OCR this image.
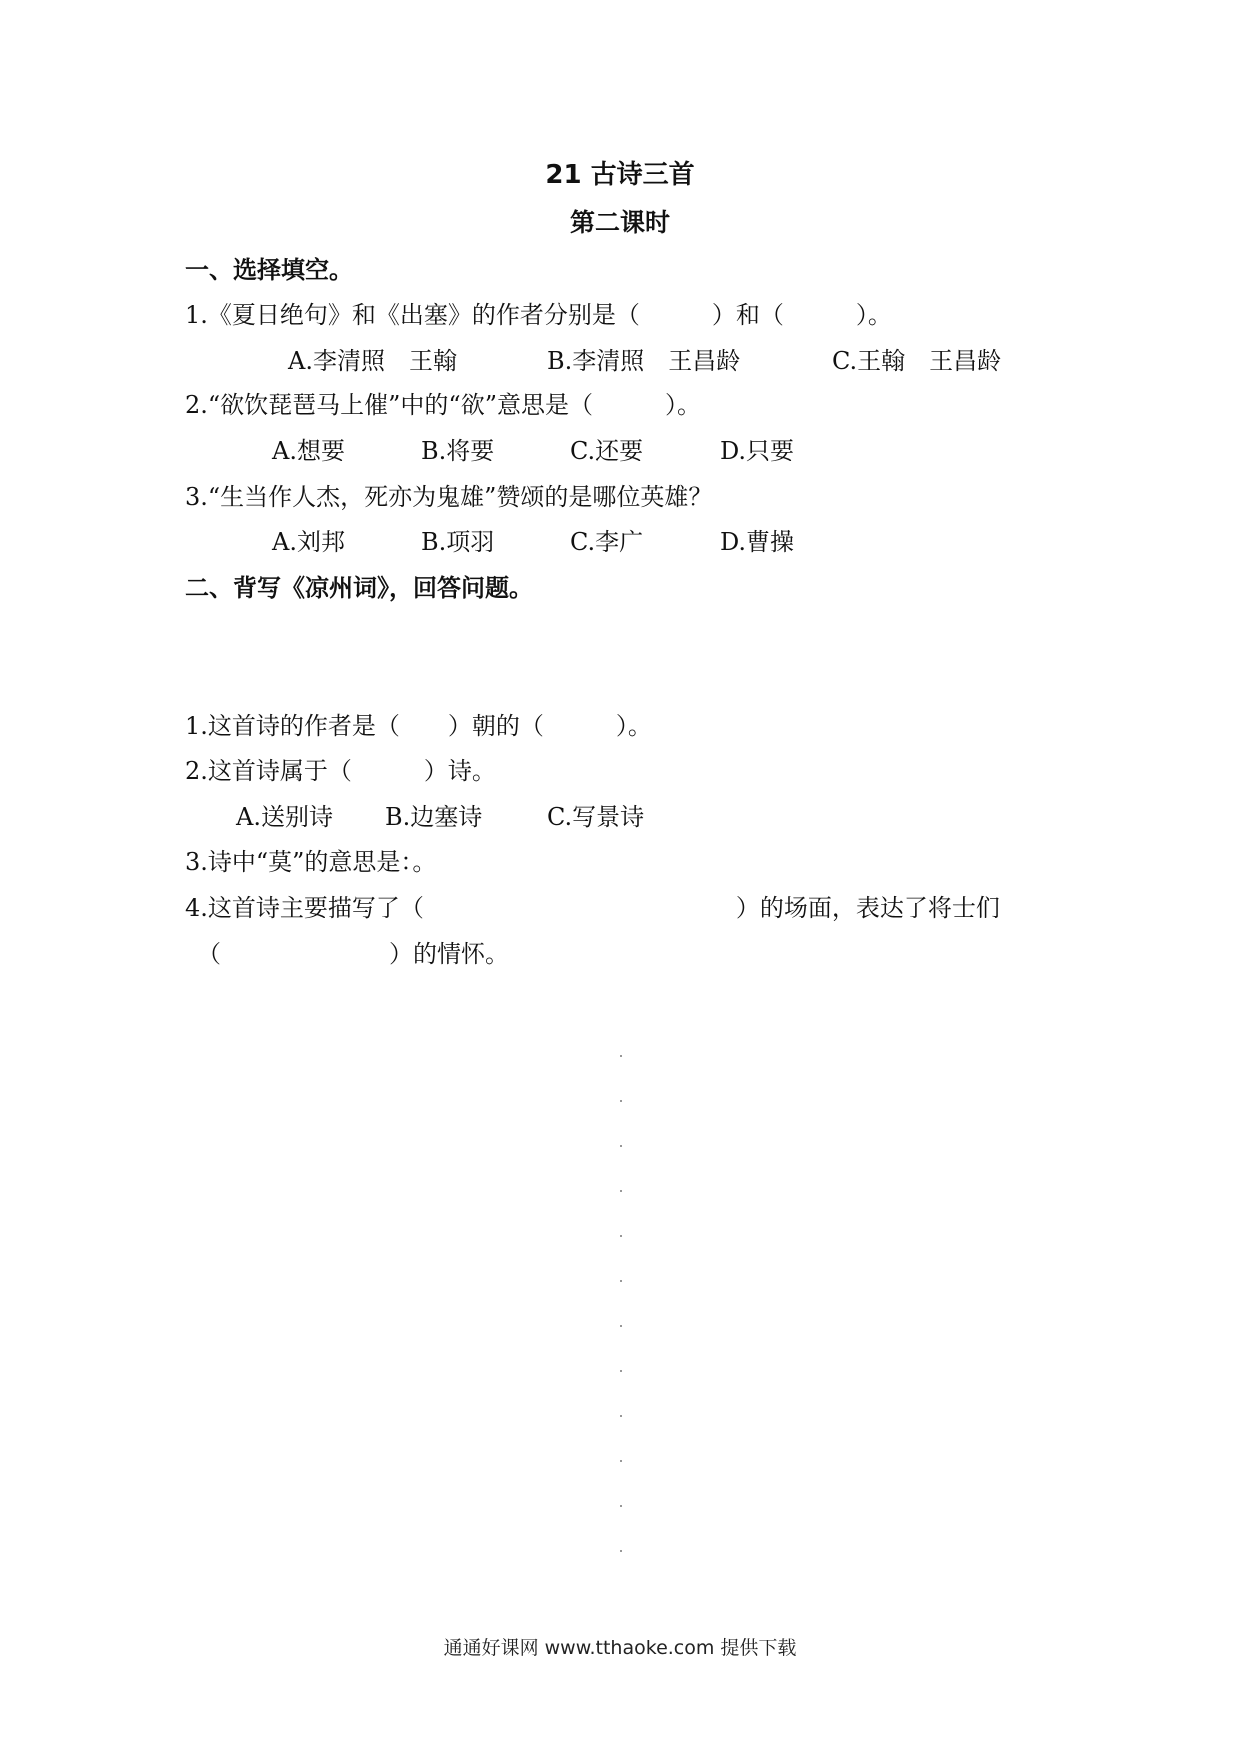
21 古诗三首
第二课时
一、选择填空。
1.《夏日绝句》和《出塞》的作者分别是（　　　）和（　　　）。
A.李清照　王翰	B.李清照　王昌龄	C.王翰　王昌龄
2.“欲饮琵琶马上催”中的“欲”意思是（　　　）。
A.想要	B.将要	C.还要	D.只要
3.“生当作人杰，死亦为鬼雄”赞颂的是哪位英雄？
A.刘邦	B.项羽	C.李广	D.曹操
二、背写《凉州词》，回答问题。
1.这首诗的作者是（　　）朝的（　　　）。
2.这首诗属于（　　　）诗。
A.送别诗 B.边塞诗	C.写景诗
3.诗中“莫”的意思是：。
4.这首诗主要描写了（　　　　　　　　　　　　　）的场面，表达了将士们
（　　　　　　　）的情怀。
通通好课网 www.tthaoke.com 提供下载
